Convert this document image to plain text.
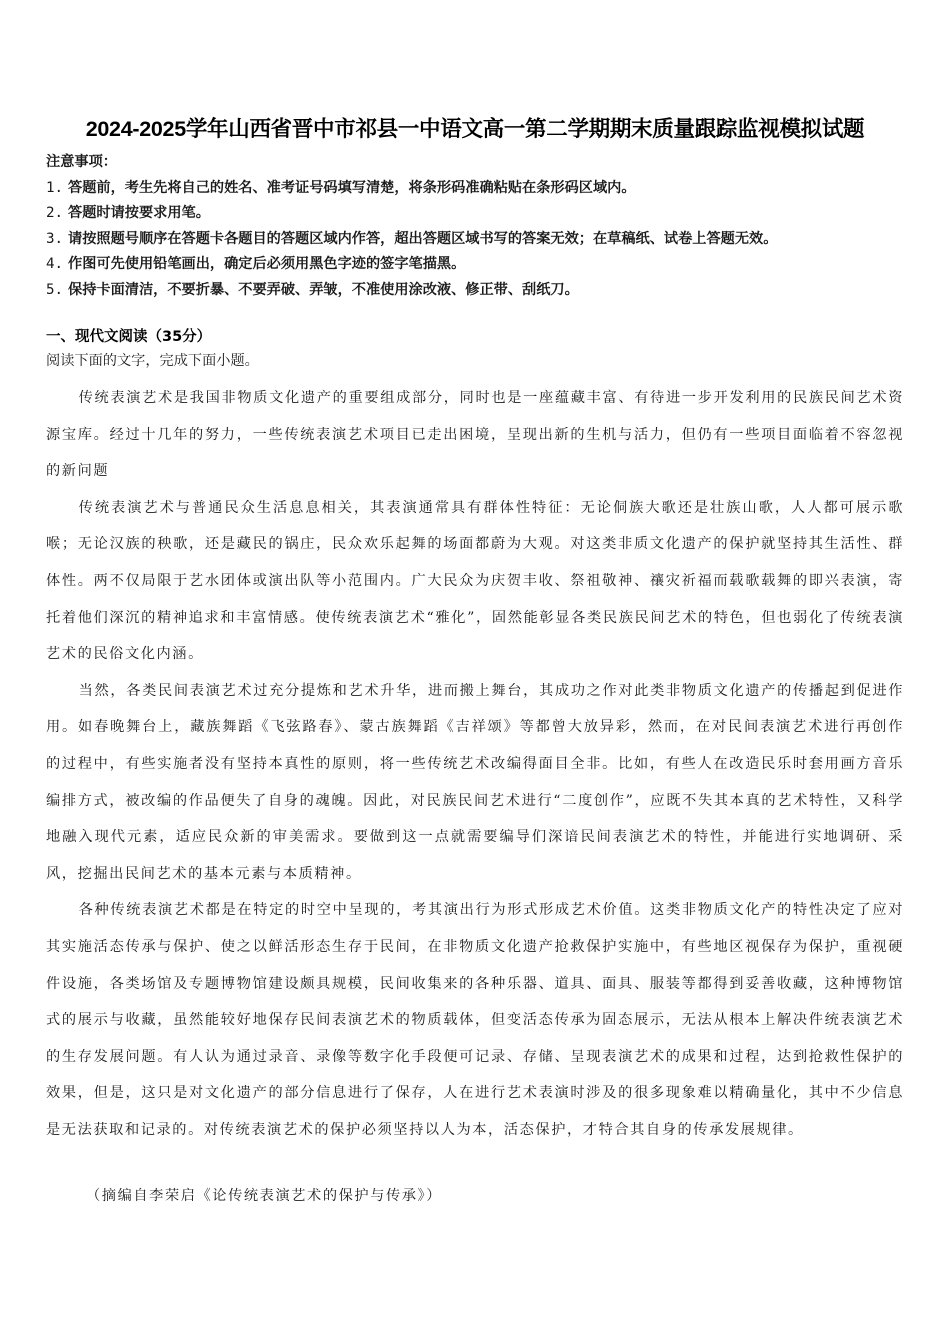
2024-2025学年山西省晋中市祁县一中语文高一第二学期期末质量跟踪监视模拟试题
注意事项：
1. 答题前，考生先将自己的姓名、准考证号码填写清楚，将条形码准确粘贴在条形码区域内。
2. 答题时请按要求用笔。
3. 请按照题号顺序在答题卡各题目的答题区域内作答，超出答题区域书写的答案无效；在草稿纸、试卷上答题无效。
4. 作图可先使用铅笔画出，确定后必须用黑色字迹的签字笔描黑。
5. 保持卡面清洁，不要折暴、不要弄破、弄皱，不准使用涂改液、修正带、刮纸刀。
一、现代文阅读（35分）
阅读下面的文字，完成下面小题。

传统表演艺术是我国非物质文化遗产的重要组成部分，同时也是一座蕴藏丰富、有待进一步开发利用的民族民间艺术资源宝库。经过十几年的努力，一些传统表演艺术项目已走出困境，呈现出新的生机与活力，但仍有一些项目面临着不容忽视的新问题

传统表演艺术与普通民众生活息息相关，其表演通常具有群体性特征：无论侗族大歌还是壮族山歌，人人都可展示歌喉；无论汉族的秧歌，还是藏民的锅庄，民众欢乐起舞的场面都蔚为大观。对这类非质文化遗产的保护就坚持其生活性、群体性。两不仅局限于艺水团体或演出队等小范围内。广大民众为庆贺丰收、祭祖敬神、禳灾祈福而载歌载舞的即兴表演，寄托着他们深沉的精神追求和丰富情感。使传统表演艺术“雅化”，固然能彰显各类民族民间艺术的特色，但也弱化了传统表演艺术的民俗文化内涵。

当然，各类民间表演艺术过充分提炼和艺术升华，进而搬上舞台，其成功之作对此类非物质文化遗产的传播起到促进作用。如春晚舞台上，藏族舞蹈《飞弦路春》、蒙古族舞蹈《吉祥颂》等都曾大放异彩，然而，在对民间表演艺术进行再创作的过程中，有些实施者没有坚持本真性的原则，将一些传统艺术改编得面目全非。比如，有些人在改造民乐时套用画方音乐编排方式，被改编的作品便失了自身的魂魄。因此，对民族民间艺术进行“二度创作”，应既不失其本真的艺术特性，又科学地融入现代元素，适应民众新的审美需求。要做到这一点就需要编导们深谙民间表演艺术的特性，并能进行实地调研、采风，挖掘出民间艺术的基本元素与本质精神。

各种传统表演艺术都是在特定的时空中呈现的，考其演出行为形式形成艺术价值。这类非物质文化产的特性决定了应对其实施活态传承与保护、使之以鲜活形态生存于民间，在非物质文化遗产抢救保护实施中，有些地区视保存为保护，重视硬件设施，各类场馆及专题博物馆建设颇具规模，民间收集来的各种乐器、道具、面具、服装等都得到妥善收藏，这种博物馆式的展示与收藏，虽然能较好地保存民间表演艺术的物质载体，但变活态传承为固态展示，无法从根本上解决件统表演艺术的生存发展问题。有人认为通过录音、录像等数字化手段便可记录、存储、呈现表演艺术的成果和过程，达到抢救性保护的效果，但是，这只是对文化遗产的部分信息进行了保存，人在进行艺术表演时涉及的很多现象难以精确量化，其中不少信息是无法获取和记录的。对传统表演艺术的保护必须坚持以人为本，活态保护，才特合其自身的传承发展规律。

（摘编自李荣启《论传统表演艺术的保护与传承》）
